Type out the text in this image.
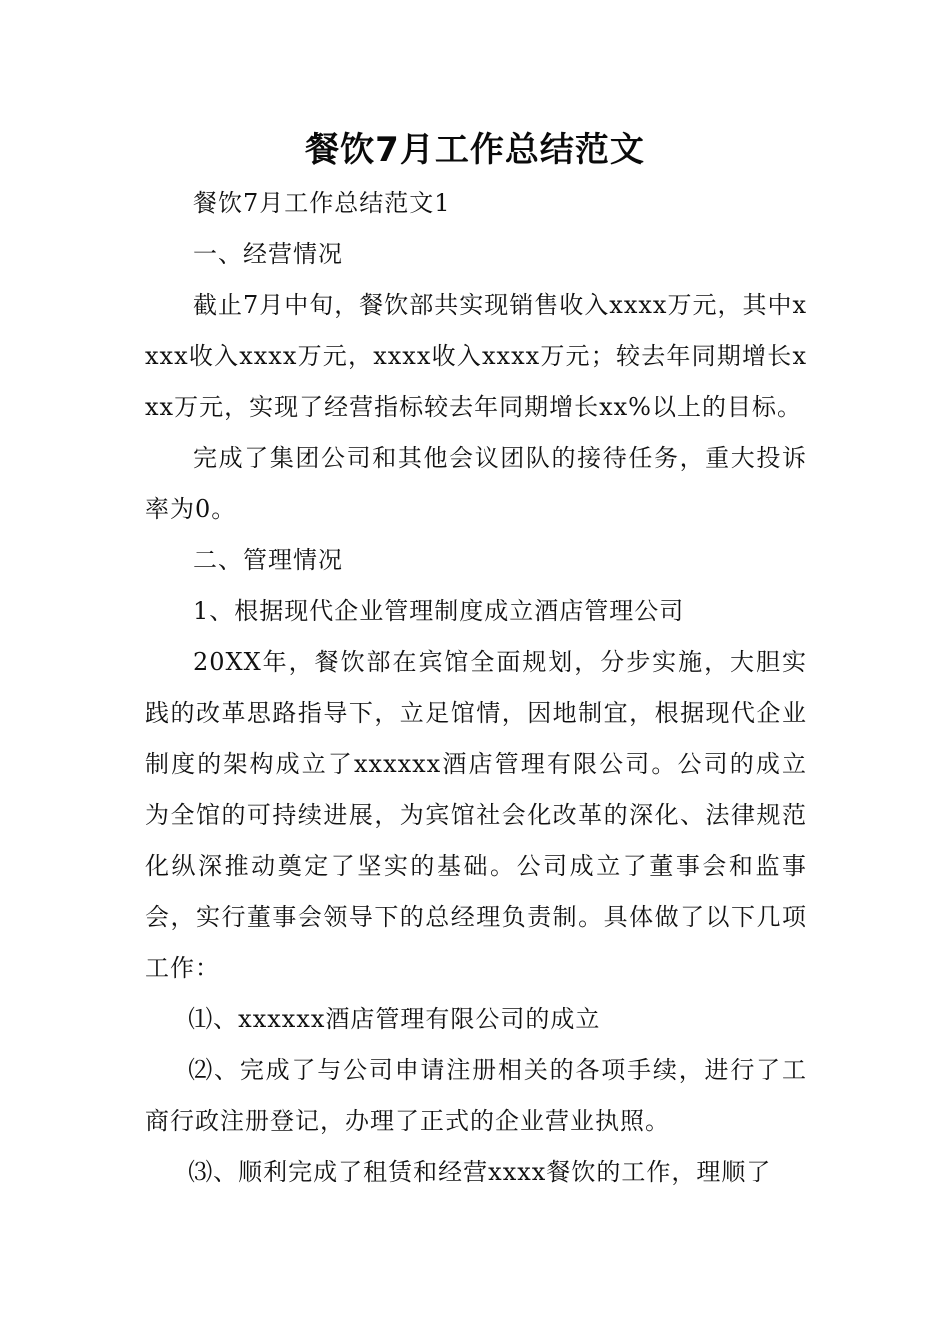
餐饮7月工作总结范文

餐饮7月工作总结范文1

一、经营情况

截止7月中旬，餐饮部共实现销售收入xxxx万元，其中xxxx收入xxxx万元，xxxx收入xxxx万元；较去年同期增长xxx万元，实现了经营指标较去年同期增长xx%以上的目标。

完成了集团公司和其他会议团队的接待任务，重大投诉率为0。

二、管理情况

1、根据现代企业管理制度成立酒店管理公司

20XX年，餐饮部在宾馆全面规划，分步实施，大胆实践的改革思路指导下，立足馆情，因地制宜，根据现代企业制度的架构成立了xxxxxx酒店管理有限公司。公司的成立为全馆的可持续进展，为宾馆社会化改革的深化、法律规范化纵深推动奠定了坚实的基础。公司成立了董事会和监事会，实行董事会领导下的总经理负责制。具体做了以下几项工作：

⑴、xxxxxx酒店管理有限公司的成立

⑵、完成了与公司申请注册相关的各项手续，进行了工商行政注册登记，办理了正式的企业营业执照。

⑶、顺利完成了租赁和经营xxxx餐饮的工作，理顺了
